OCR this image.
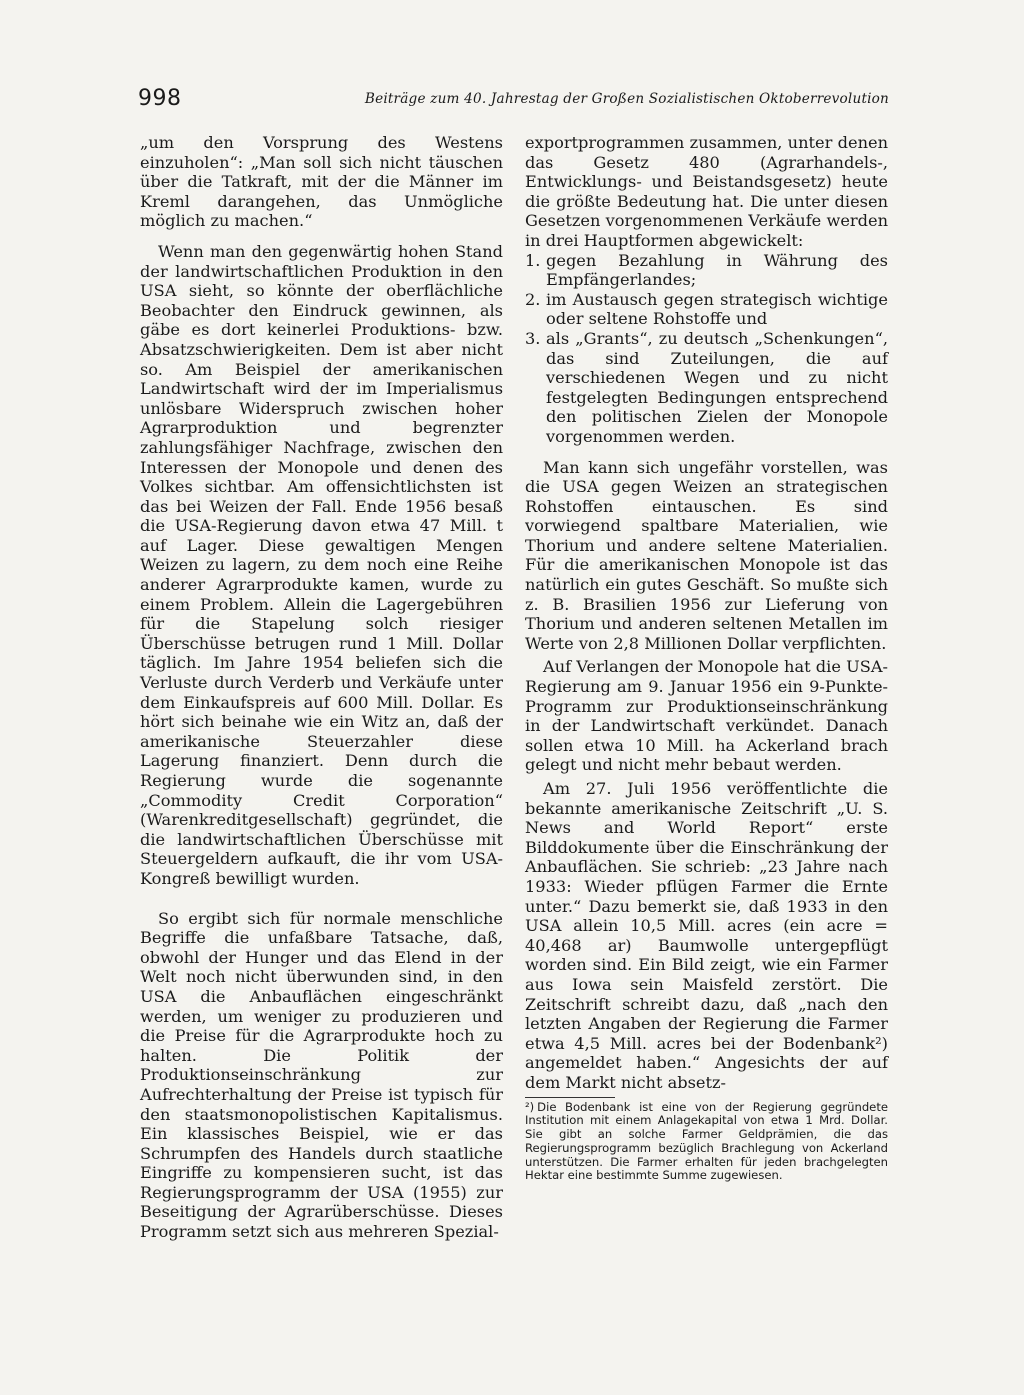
998	Beiträge zum 40. Jahrestag der Großen Sozialistischen Oktoberrevolution

„um den Vorsprung des Westens einzuholen“: „Man soll sich nicht täuschen über die Tatkraft, mit der die Männer im Kreml darangehen, das Unmögliche möglich zu machen.“

Wenn man den gegenwärtig hohen Stand der landwirtschaftlichen Produktion in den USA sieht, so könnte der oberflächliche Beobachter den Eindruck gewinnen, als gäbe es dort keinerlei Produktions- bzw. Absatzschwierigkeiten. Dem ist aber nicht so. Am Beispiel der amerikanischen Landwirtschaft wird der im Imperialismus unlösbare Widerspruch zwischen hoher Agrarproduktion und begrenzter zahlungsfähiger Nachfrage, zwischen den Interessen der Monopole und denen des Volkes sichtbar. Am offensichtlichsten ist das bei Weizen der Fall. Ende 1956 besaß die USA-Regierung davon etwa 47 Mill. t auf Lager. Diese gewaltigen Mengen Weizen zu lagern, zu dem noch eine Reihe anderer Agrarprodukte kamen, wurde zu einem Problem. Allein die Lagergebühren für die Stapelung solch riesiger Überschüsse betrugen rund 1 Mill. Dollar täglich. Im Jahre 1954 beliefen sich die Verluste durch Verderb und Verkäufe unter dem Einkaufspreis auf 600 Mill. Dollar. Es hört sich beinahe wie ein Witz an, daß der amerikanische Steuerzahler diese Lagerung finanziert. Denn durch die Regierung wurde die sogenannte „Commodity Credit Corporation“ (Warenkreditgesellschaft) gegründet, die die landwirtschaftlichen Überschüsse mit Steuergeldern aufkauft, die ihr vom USA-Kongreß bewilligt wurden.

So ergibt sich für normale menschliche Begriffe die unfaßbare Tatsache, daß, obwohl der Hunger und das Elend in der Welt noch nicht überwunden sind, in den USA die Anbauflächen eingeschränkt werden, um weniger zu produzieren und die Preise für die Agrarprodukte hoch zu halten. Die Politik der Produktionseinschränkung zur Aufrechterhaltung der Preise ist typisch für den staatsmonopolistischen Kapitalismus. Ein klassisches Beispiel, wie er das Schrumpfen des Handels durch staatliche Eingriffe zu kompensieren sucht, ist das Regierungsprogramm der USA (1955) zur Beseitigung der Agrarüberschüsse. Dieses Programm setzt sich aus mehreren Spezial-

exportprogrammen zusammen, unter denen das Gesetz 480 (Agrarhandels-, Entwicklungs- und Beistandsgesetz) heute die größte Bedeutung hat. Die unter diesen Gesetzen vorgenommenen Verkäufe werden in drei Hauptformen abgewickelt:

1. gegen Bezahlung in Währung des Empfängerlandes;
2. im Austausch gegen strategisch wichtige oder seltene Rohstoffe und
3. als „Grants“, zu deutsch „Schenkungen“, das sind Zuteilungen, die auf verschiedenen Wegen und zu nicht festgelegten Bedingungen entsprechend den politischen Zielen der Monopole vorgenommen werden.

Man kann sich ungefähr vorstellen, was die USA gegen Weizen an strategischen Rohstoffen eintauschen. Es sind vorwiegend spaltbare Materialien, wie Thorium und andere seltene Materialien. Für die amerikanischen Monopole ist das natürlich ein gutes Geschäft. So mußte sich z. B. Brasilien 1956 zur Lieferung von Thorium und anderen seltenen Metallen im Werte von 2,8 Millionen Dollar verpflichten.

Auf Verlangen der Monopole hat die USA-Regierung am 9. Januar 1956 ein 9-Punkte-Programm zur Produktionseinschränkung in der Landwirtschaft verkündet. Danach sollen etwa 10 Mill. ha Ackerland brach gelegt und nicht mehr bebaut werden.

Am 27. Juli 1956 veröffentlichte die bekannte amerikanische Zeitschrift „U. S. News and World Report“ erste Bilddokumente über die Einschränkung der Anbauflächen. Sie schrieb: „23 Jahre nach 1933: Wieder pflügen Farmer die Ernte unter.“ Dazu bemerkt sie, daß 1933 in den USA allein 10,5 Mill. acres (ein acre = 40,468 ar) Baumwolle untergepflügt worden sind. Ein Bild zeigt, wie ein Farmer aus Iowa sein Maisfeld zerstört. Die Zeitschrift schreibt dazu, daß „nach den letzten Angaben der Regierung die Farmer etwa 4,5 Mill. acres bei der Bodenbank²) angemeldet haben.“ Angesichts der auf dem Markt nicht absetz-

²) Die Bodenbank ist eine von der Regierung gegründete Institution mit einem Anlagekapital von etwa 1 Mrd. Dollar. Sie gibt an solche Farmer Geldprämien, die das Regierungsprogramm bezüglich Brachlegung von Ackerland unterstützen. Die Farmer erhalten für jeden brachgelegten Hektar eine bestimmte Summe zugewiesen.
